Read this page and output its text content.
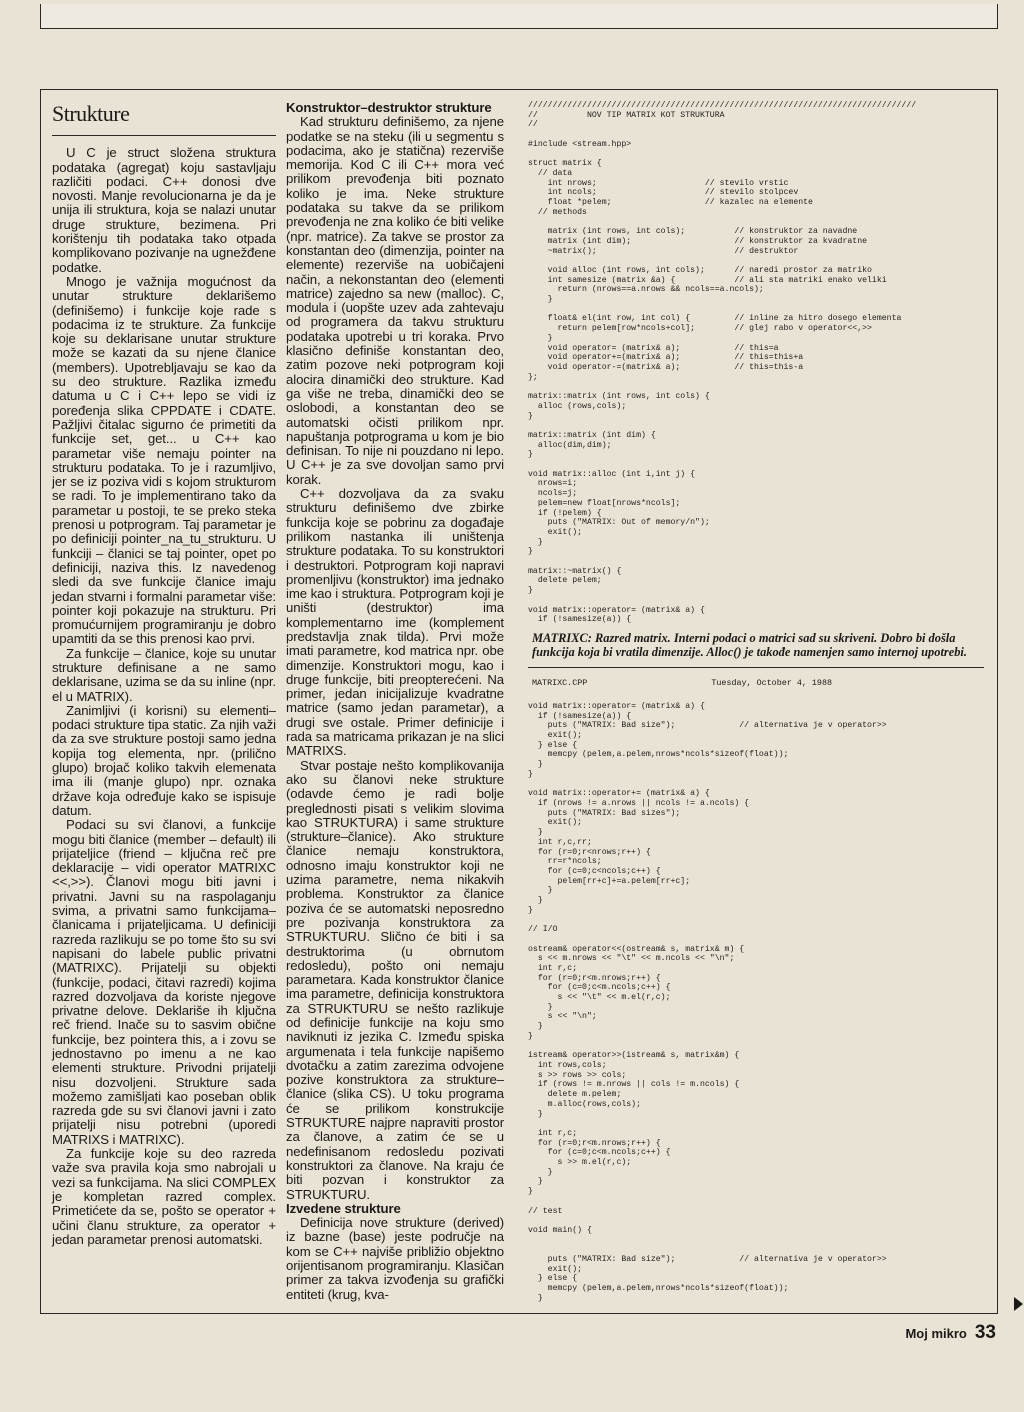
Strukture

U C je struct složena struktura podataka (agregat) koju sastavljaju različiti podaci. C++ donosi dve novosti. Manje revolucionarna je da je unija ili struktura, koja se nalazi unutar druge strukture, bezimena. Pri korištenju tih podataka tako otpada komplikovano pozivanje na ugnežđene podatke.

Mnogo je važnija mogućnost da unutar strukture deklarišemo (definišemo) i funkcije koje rade s podacima iz te strukture. Za funkcije koje su deklarisane unutar strukture može se kazati da su njene članice (members). Upotrebljavaju se kao da su deo strukture. Razlika između datuma u C i C++ lepo se vidi iz poređenja slika CPPDATE i CDATE. Pažljivi čitalac sigurno će primetiti da funkcije set, get... u C++ kao parametar više nemaju pointer na strukturu podataka. To je i razumljivo, jer se iz poziva vidi s kojom strukturom se radi. To je implementirano tako da parametar u postoji, te se preko steka prenosi u potprogram. Taj parametar je po definiciji pointer_na_tu_strukturu. U funkciji – članici se taj pointer, opet po definiciji, naziva this. Iz navedenog sledi da sve funkcije članice imaju jedan stvarni i formalni parametar više: pointer koji pokazuje na strukturu. Pri promućurnijem programiranju je dobro upamtiti da se this prenosi kao prvi.

Za funkcije – članice, koje su unutar strukture definisane a ne samo deklarisane, uzima se da su inline (npr. el u MATRIX).

Zanimljivi (i korisni) su elementi–podaci strukture tipa static. Za njih važi da za sve strukture postoji samo jedna kopija tog elementa, npr. (prilično glupo) brojač koliko takvih elemenata ima ili (manje glupo) npr. oznaka države koja određuje kako se ispisuje datum.

Podaci su svi članovi, a funkcije mogu biti članice (member – default) ili prijateljice (friend – ključna reč pre deklaracije – vidi operator MATRIXC <<,>>). Članovi mogu biti javni i privatni. Javni su na raspolaganju svima, a privatni samo funkcijama–članicama i prijateljicama. U definiciji razreda razlikuju se po tome što su svi napisani do labele public privatni (MATRIXC). Prijatelji su objekti (funkcije, podaci, čitavi razredi) kojima razred dozvoljava da koriste njegove privatne delove. Deklariše ih ključna reč friend. Inače su to sasvim obične funkcije, bez pointera this, a i zovu se jednostavno po imenu a ne kao elementi strukture. Privodni prijatelji nisu dozvoljeni. Strukture sada možemo zamišljati kao poseban oblik razreda gde su svi članovi javni i zato prijatelji nisu potrebni (uporedi MATRIXS i MATRIXC).

Za funkcije koje su deo razreda važe sva pravila koja smo nabrojali u vezi sa funkcijama. Na slici COMPLEX je kompletan razred complex. Primetićete da se, pošto se operator + učini članu strukture, za operator + jedan parametar prenosi automatski.

Konstruktor–destruktor strukture

Kad strukturu definišemo, za njene podatke se na steku (ili u segmentu s podacima, ako je statična) rezerviše memorija. Kod C ili C++ mora već prilikom prevođenja biti poznato koliko je ima. Neke strukture podataka su takve da se prilikom prevođenja ne zna koliko će biti velike (npr. matrice). Za takve se prostor za konstantan deo (dimenzija, pointer na elemente) rezerviše na uobičajeni način, a nekonstantan deo (elementi matrice) zajedno sa new (malloc). C, modula i (uopšte uzev ada zahtevaju od programera da takvu strukturu podataka upotrebi u tri koraka. Prvo klasično definiše konstantan deo, zatim pozove neki potprogram koji alocira dinamički deo strukture. Kad ga više ne treba, dinamički deo se oslobodi, a konstantan deo se automatski očisti prilikom npr. napuštanja potprograma u kom je bio definisan. To nije ni pouzdano ni lepo. U C++ je za sve dovoljan samo prvi korak.

C++ dozvoljava da za svaku strukturu definišemo dve zbirke funkcija koje se pobrinu za događaje prilikom nastanka ili uništenja strukture podataka. To su konstruktori i destruktori. Potprogram koji napravi promenljivu (konstruktor) ima jednako ime kao i struktura. Potprogram koji je uništi (destruktor) ima komplementarno ime (komplement predstavlja znak tilda). Prvi može imati parametre, kod matrica npr. obe dimenzije. Konstruktori mogu, kao i druge funkcije, biti preopterećeni. Na primer, jedan inicijalizuje kvadratne matrice (samo jedan parametar), a drugi sve ostale. Primer definicije i rada sa matricama prikazan je na slici MATRIXS.

Stvar postaje nešto komplikovanija ako su članovi neke strukture (odavde ćemo je radi bolje preglednosti pisati s velikim slovima kao STRUKTURA) i same strukture (strukture–članice). Ako strukture članice nemaju konstruktora, odnosno imaju konstruktor koji ne uzima parametre, nema nikakvih problema. Konstruktor za članice poziva će se automatski neposredno pre pozivanja konstruktora za STRUKTURU. Slično će biti i sa destruktorima (u obrnutom redosledu), pošto oni nemaju parametara. Kada konstruktor članice ima parametre, definicija konstruktora za STRUKTURU se nešto razlikuje od definicije funkcije na koju smo naviknuti iz jezika C. Između spiska argumenata i tela funkcije napišemo dvotačku a zatim zarezima odvojene pozive konstruktora za strukture–članice (slika CS). U toku programa će se prilikom konstrukcije STRUKTURE najpre napraviti prostor za članove, a zatim će se u nedefinisanom redosledu pozivati konstruktori za članove. Na kraju će biti pozvan i konstruktor za STRUKTURU.

Izvedene strukture

Definicija nove strukture (derived) iz bazne (base) jeste područje na kom se C++ najviše približio objektno orijentisanom programiranju. Klasičan primer za takva izvođenja su grafički entiteti (krug, kva-

///////////////////////////////////////////////////////////////////////////////
//          NOV TIP MATRIX KOT STRUKTURA
//

#include <stream.hpp>

struct matrix {
// data
int nrows;                      // stevilo vrstic
int ncols;                      // stevilo stolpcev
float *pelem;                   // kazalec na elemente
// methods

matrix (int rows, int cols);          // konstruktor za navadne
matrix (int dim);                     // konstruktor za kvadratne
~matrix();                            // destruktor

void alloc (int rows, int cols);      // naredi prostor za matriko
int samesize (matrix &a) {            // ali sta matriki enako veliki
return (nrows==a.nrows && ncols==a.ncols);
}

float& el(int row, int col) {         // inline za hitro dosego elementa
return pelem[row*ncols+col];        // glej rabo v operator<<,>>
}
void operator= (matrix& a);           // this=a
void operator+=(matrix& a);           // this=this+a
void operator-=(matrix& a);           // this=this-a
};

matrix::matrix (int rows, int cols) {
alloc (rows,cols);
}

matrix::matrix (int dim) {
alloc(dim,dim);
}

void matrix::alloc (int i,int j) {
nrows=i;
ncols=j;
pelem=new float[nrows*ncols];
if (!pelem) {
puts ("MATRIX: Out of memory/n");
exit();
}
}

matrix::~matrix() {
delete pelem;
}

void matrix::operator= (matrix& a) {
if (!samesize(a)) {
MATRIXC: Razred matrix. Interni podaci o matrici sad su skriveni. Dobro bi došla funkcija koja bi vratila dimenzije. Alloc() je takođe namenjen samo internoj upotrebi.
MATRIXC.CPP	Tuesday, October 4, 1988
void matrix::operator= (matrix& a) {
if (!samesize(a)) {
puts ("MATRIX: Bad size");             // alternativa je v operator>>
exit();
} else {
memcpy (pelem,a.pelem,nrows*ncols*sizeof(float));
}
}

void matrix::operator+= (matrix& a) {
if (nrows != a.nrows || ncols != a.ncols) {
puts ("MATRIX: Bad sizes");
exit();
}
int r,c,rr;
for (r=0;r<nrows;r++) {
rr=r*ncols;
for (c=0;c<ncols;c++) {
pelem[rr+c]+=a.pelem[rr+c];
}
}
}

// I/O

ostream& operator<<(ostream& s, matrix& m) {
s << m.nrows << "\t" << m.ncols << "\n";
int r,c;
for (r=0;r<m.nrows;r++) {
for (c=0;c<m.ncols;c++) {
s << "\t" << m.el(r,c);
}
s << "\n";
}
}

istream& operator>>(istream& s, matrix&m) {
int rows,cols;
s >> rows >> cols;
if (rows != m.nrows || cols != m.ncols) {
delete m.pelem;
m.alloc(rows,cols);
}

int r,c;
for (r=0;r<m.nrows;r++) {
for (c=0;c<m.ncols;c++) {
s >> m.el(r,c);
}
}
}

// test

void main() {

puts ("MATRIX: Bad size");             // alternativa je v operator>>
exit();
} else {
memcpy (pelem,a.pelem,nrows*ncols*sizeof(float));
}
Moj mikro 33
